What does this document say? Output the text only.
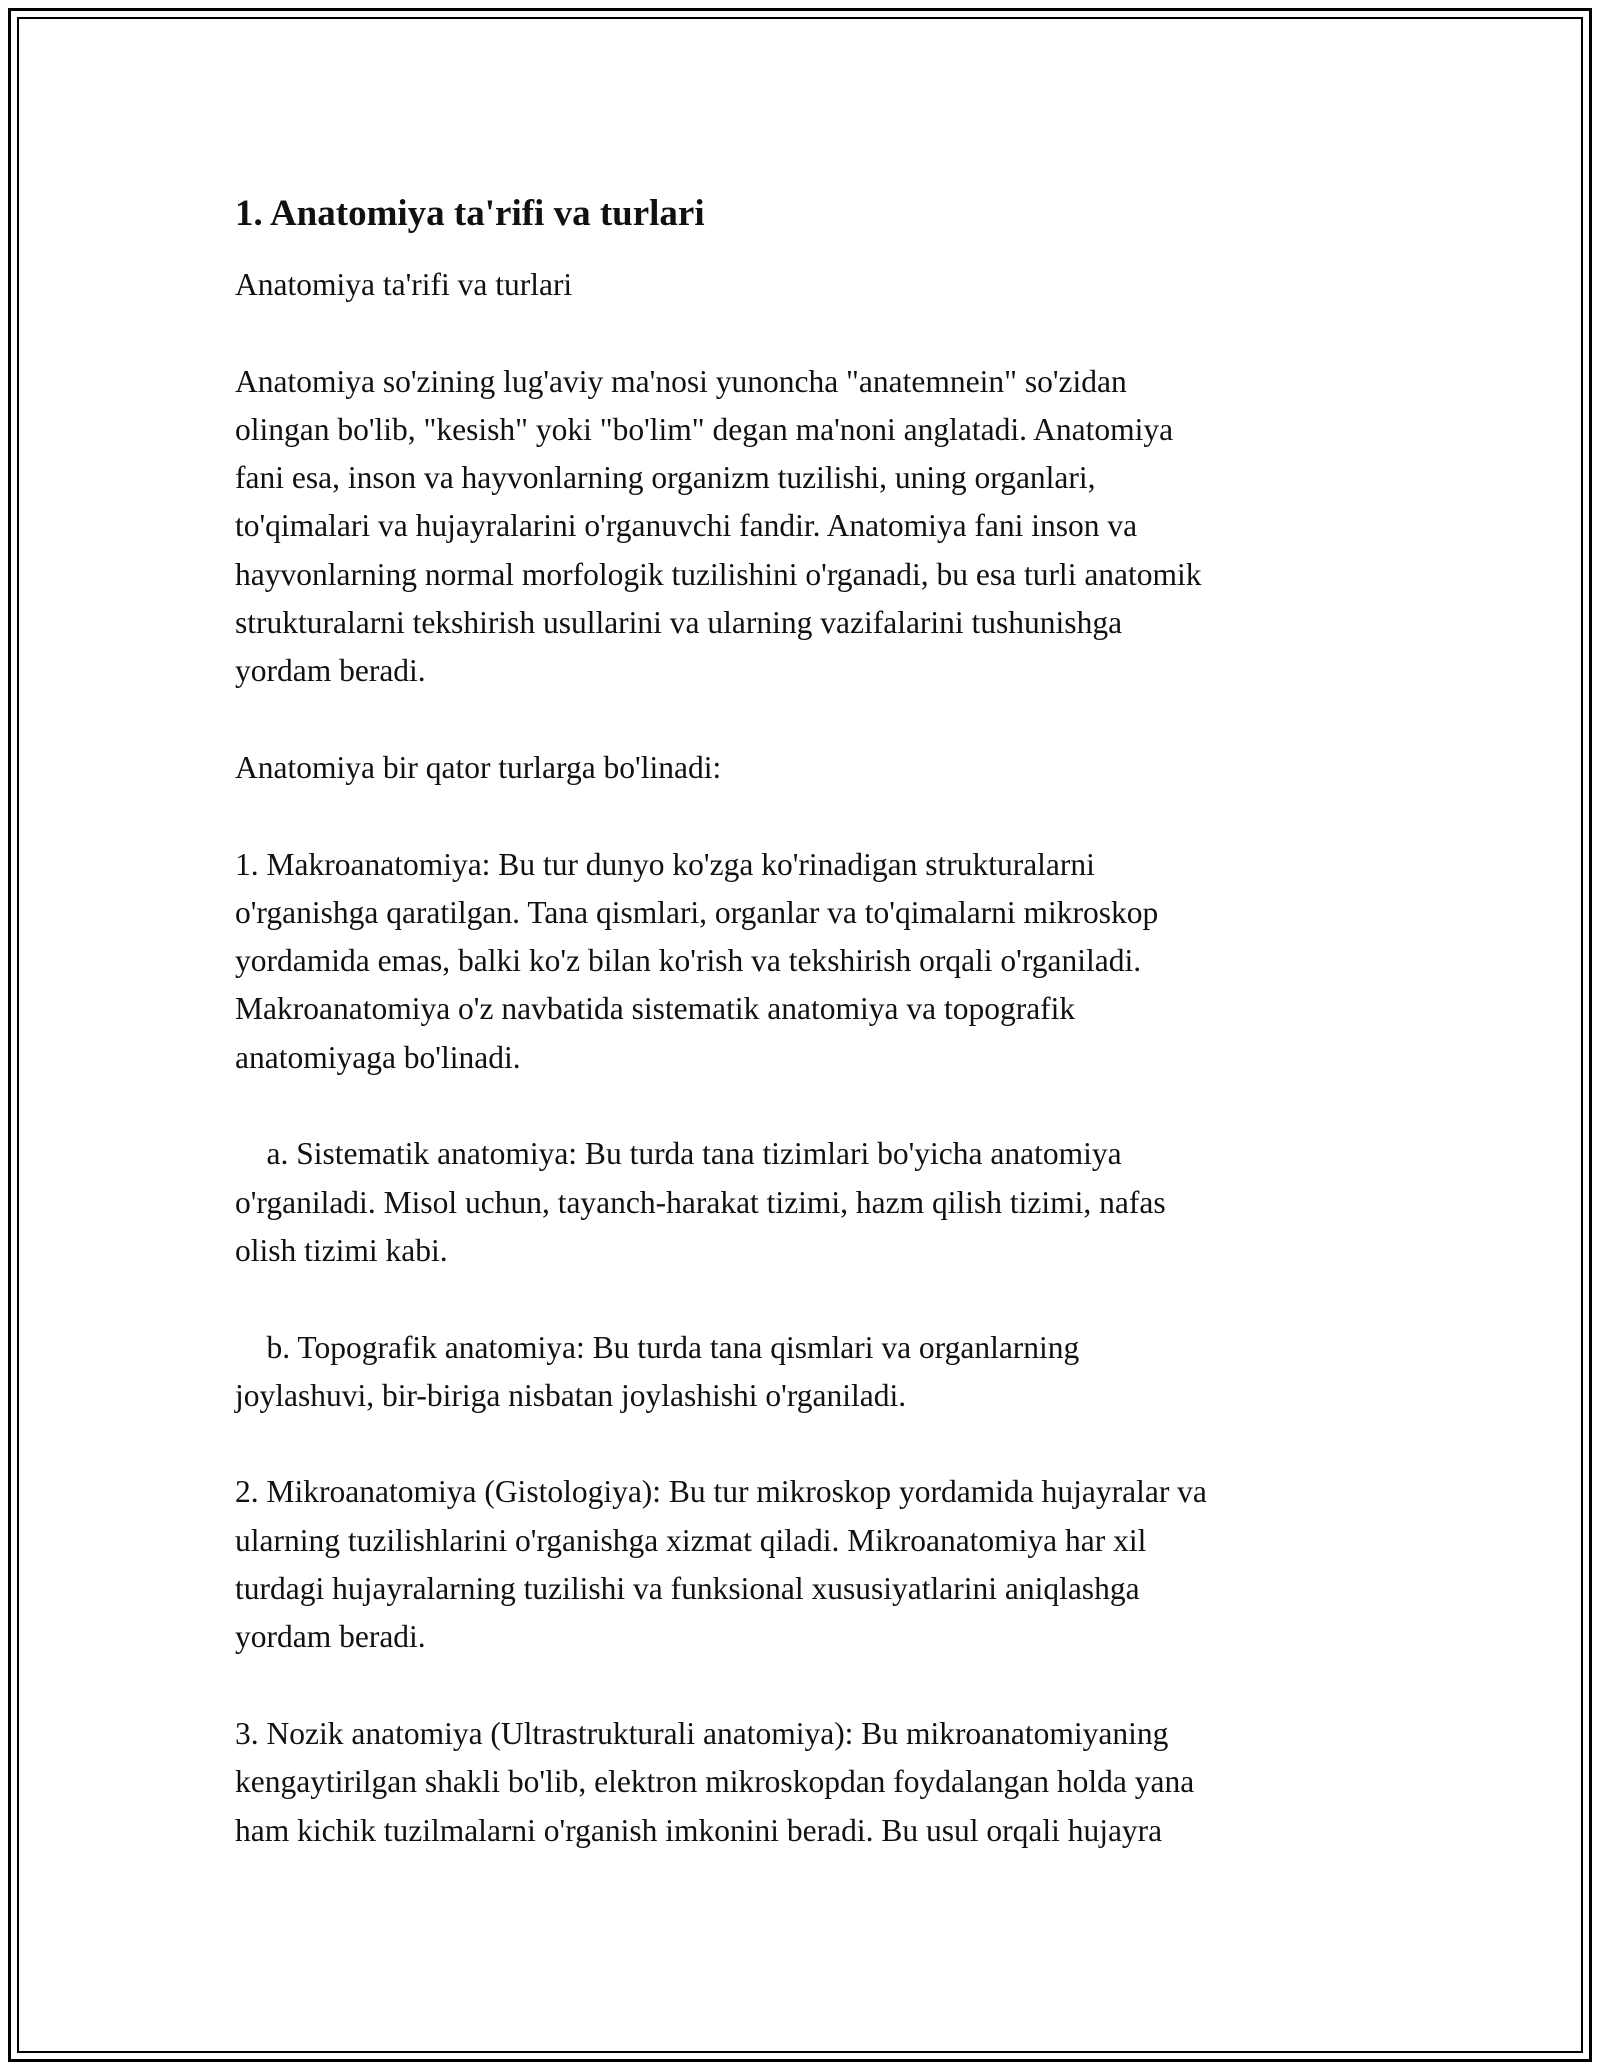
1. Anatomiya ta'rifi va turlari

Anatomiya ta'rifi va turlari

Anatomiya so'zining lug'aviy ma'nosi yunoncha "anatemnein" so'zidan
olingan bo'lib, "kesish" yoki "bo'lim" degan ma'noni anglatadi. Anatomiya
fani esa, inson va hayvonlarning organizm tuzilishi, uning organlari,
to'qimalari va hujayralarini o'rganuvchi fandir. Anatomiya fani inson va
hayvonlarning normal morfologik tuzilishini o'rganadi, bu esa turli anatomik
strukturalarni tekshirish usullarini va ularning vazifalarini tushunishga
yordam beradi.

Anatomiya bir qator turlarga bo'linadi:

1. Makroanatomiya: Bu tur dunyo ko'zga ko'rinadigan strukturalarni
o'rganishga qaratilgan. Tana qismlari, organlar va to'qimalarni mikroskop
yordamida emas, balki ko'z bilan ko'rish va tekshirish orqali o'rganiladi.
Makroanatomiya o'z navbatida sistematik anatomiya va topografik
anatomiyaga bo'linadi.

a. Sistematik anatomiya: Bu turda tana tizimlari bo'yicha anatomiya
o'rganiladi. Misol uchun, tayanch-harakat tizimi, hazm qilish tizimi, nafas
olish tizimi kabi.

b. Topografik anatomiya: Bu turda tana qismlari va organlarning
joylashuvi, bir-biriga nisbatan joylashishi o'rganiladi.

2. Mikroanatomiya (Gistologiya): Bu tur mikroskop yordamida hujayralar va
ularning tuzilishlarini o'rganishga xizmat qiladi. Mikroanatomiya har xil
turdagi hujayralarning tuzilishi va funksional xususiyatlarini aniqlashga
yordam beradi.

3. Nozik anatomiya (Ultrastrukturali anatomiya): Bu mikroanatomiyaning
kengaytirilgan shakli bo'lib, elektron mikroskopdan foydalangan holda yana
ham kichik tuzilmalarni o'rganish imkonini beradi. Bu usul orqali hujayra
